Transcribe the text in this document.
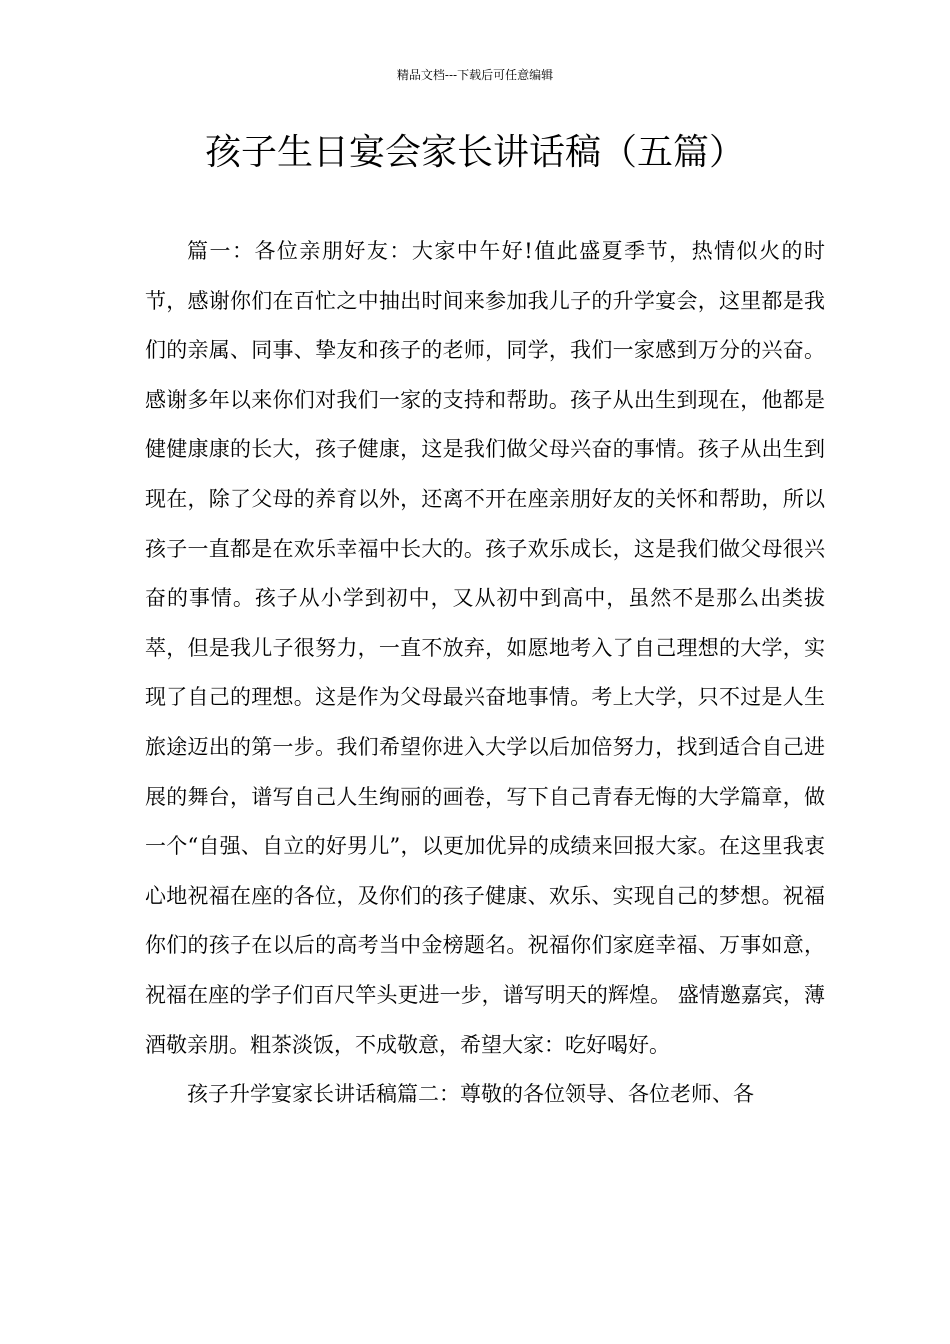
精品文档---下载后可任意编辑
孩子生日宴会家长讲话稿（五篇）

篇一：各位亲朋好友：大家中午好!值此盛夏季节，热情似火的时节，感谢你们在百忙之中抽出时间来参加我儿子的升学宴会，这里都是我们的亲属、同事、挚友和孩子的老师，同学，我们一家感到万分的兴奋。感谢多年以来你们对我们一家的支持和帮助。孩子从出生到现在，他都是健健康康的长大，孩子健康，这是我们做父母兴奋的事情。孩子从出生到现在，除了父母的养育以外，还离不开在座亲朋好友的关怀和帮助，所以孩子一直都是在欢乐幸福中长大的。孩子欢乐成长，这是我们做父母很兴奋的事情。孩子从小学到初中，又从初中到高中，虽然不是那么出类拔萃，但是我儿子很努力，一直不放弃，如愿地考入了自己理想的大学，实现了自己的理想。这是作为父母最兴奋地事情。考上大学，只不过是人生旅途迈出的第一步。我们希望你进入大学以后加倍努力，找到适合自己进展的舞台，谱写自己人生绚丽的画卷，写下自己青春无悔的大学篇章，做一个“自强、自立的好男儿”，以更加优异的成绩来回报大家。在这里我衷心地祝福在座的各位，及你们的孩子健康、欢乐、实现自己的梦想。祝福你们的孩子在以后的高考当中金榜题名。祝福你们家庭幸福、万事如意，祝福在座的学子们百尺竿头更进一步，谱写明天的辉煌。 盛情邀嘉宾，薄酒敬亲朋。粗茶淡饭，不成敬意，希望大家：吃好喝好。

孩子升学宴家长讲话稿篇二：尊敬的各位领导、各位老师、各
